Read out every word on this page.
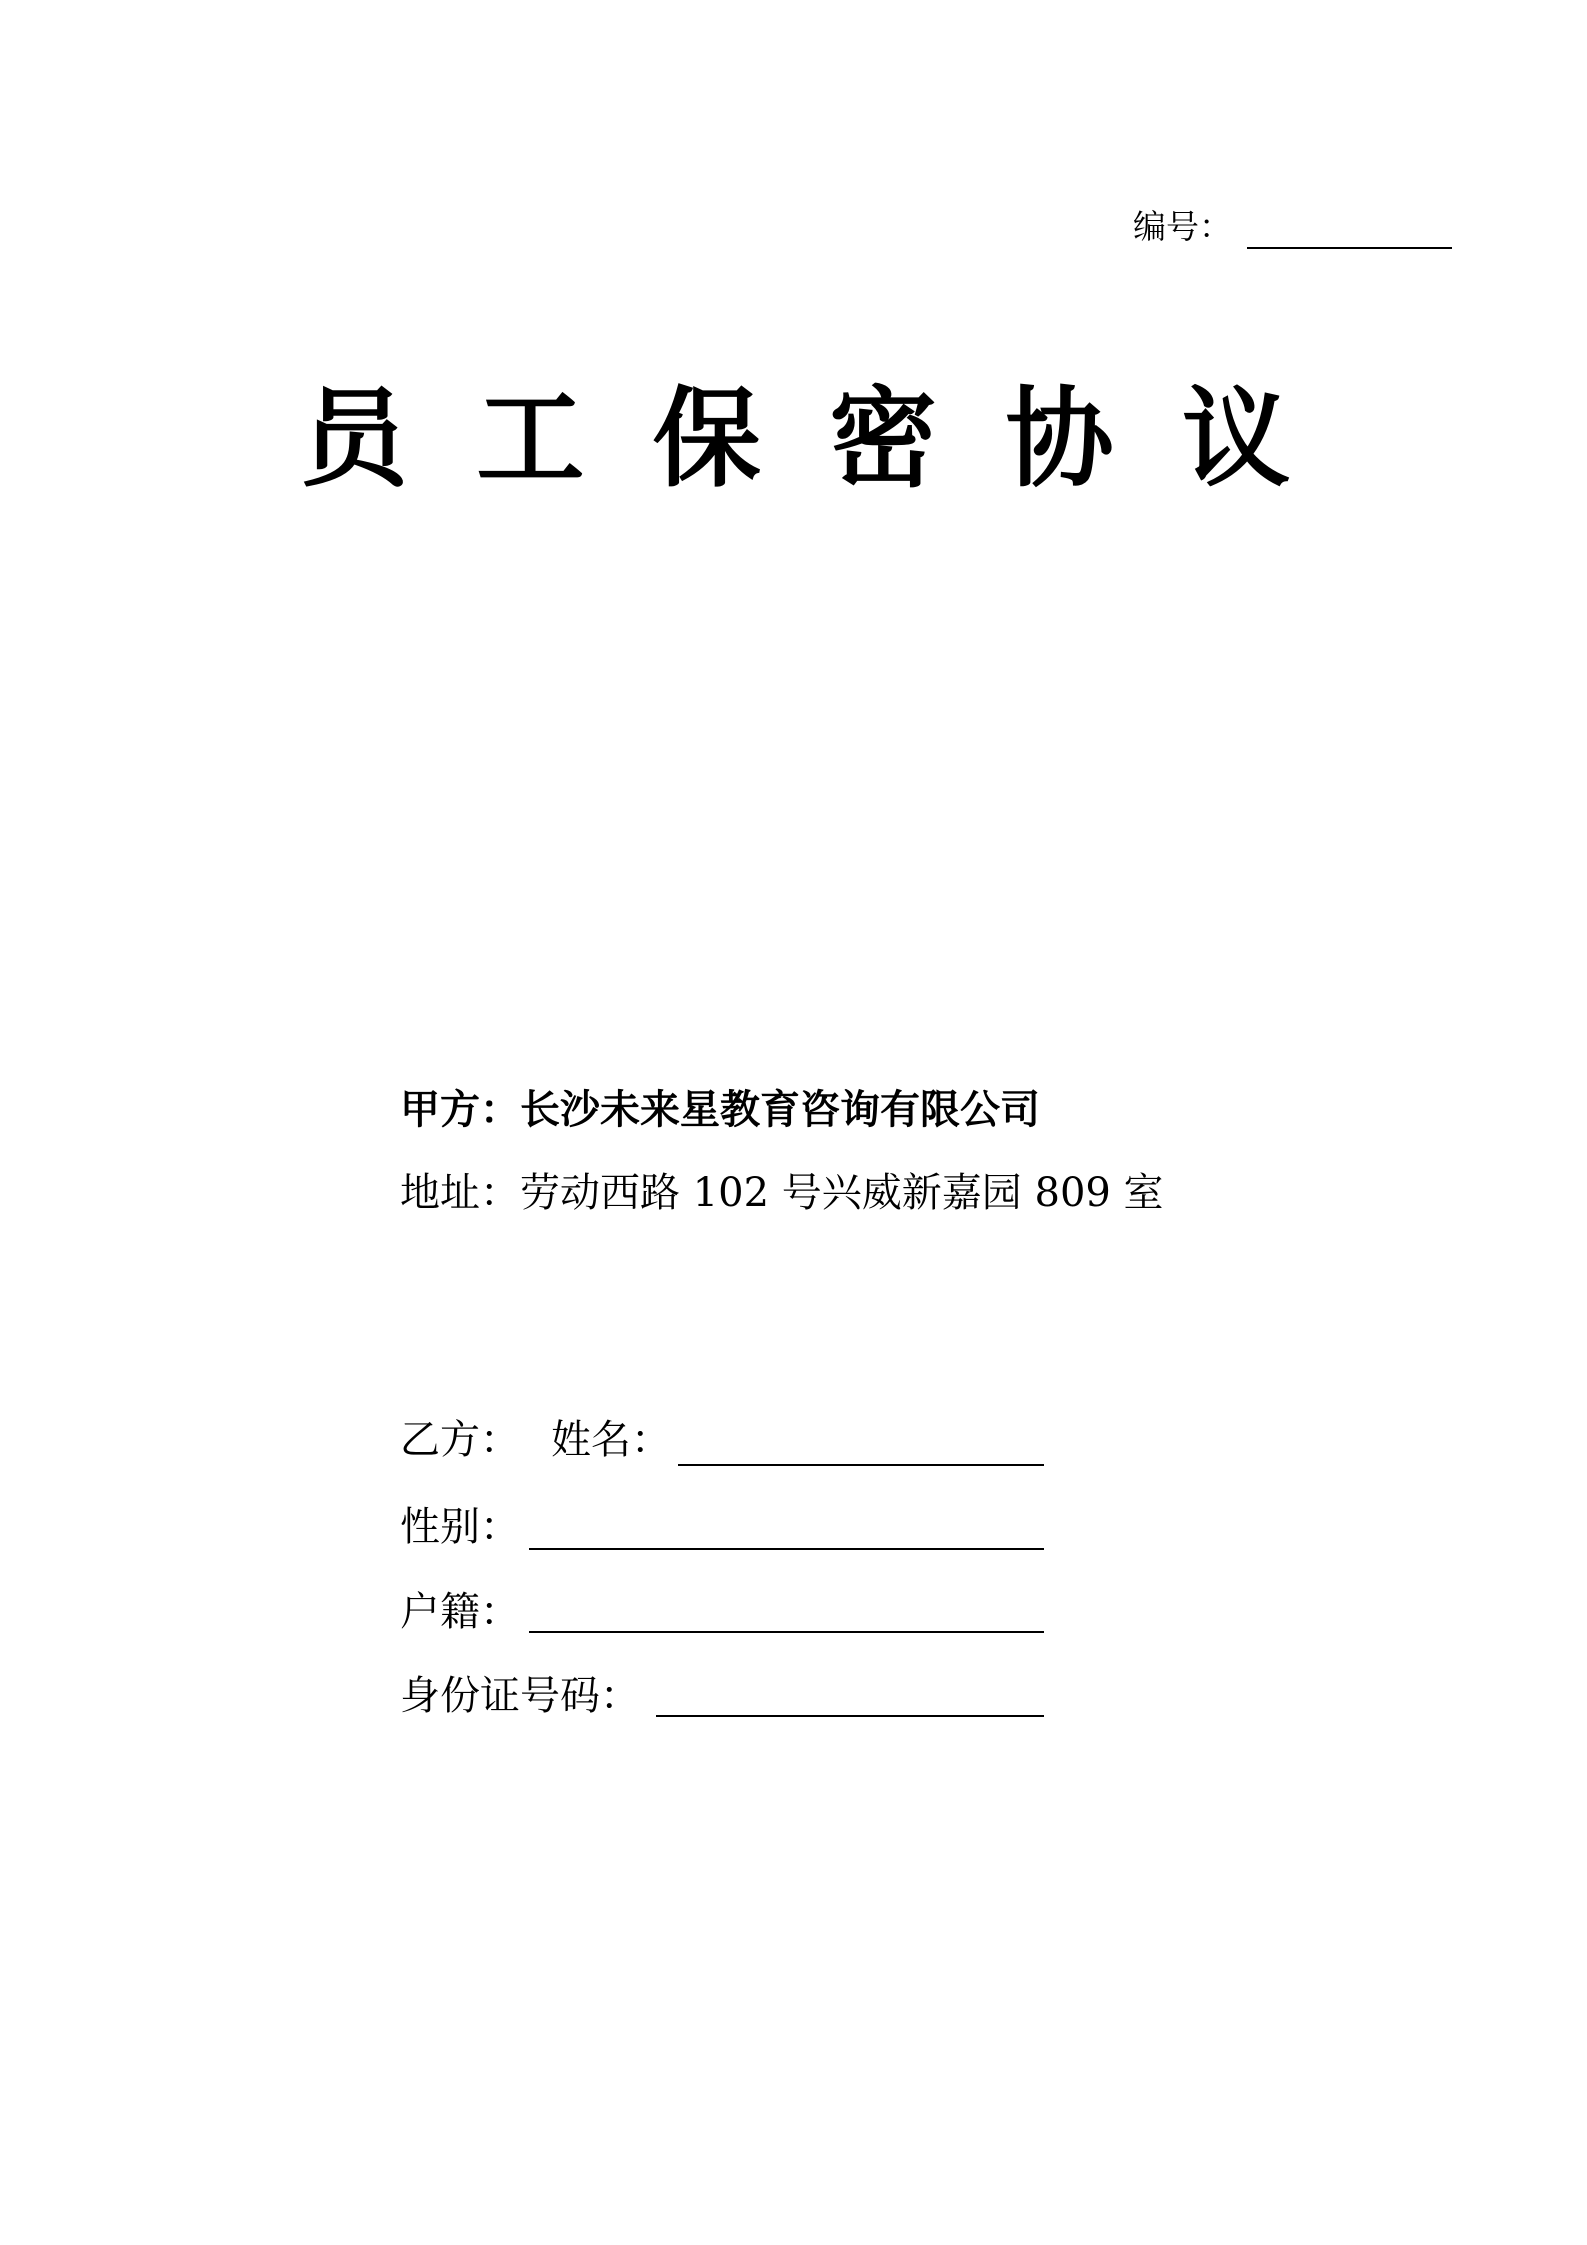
编号：
员 工 保 密 协 议
甲方：长沙未来星教育咨询有限公司
地址：劳动西路 102 号兴威新嘉园 809 室
乙方： 姓名：
性别：
户籍：
身份证号码：
